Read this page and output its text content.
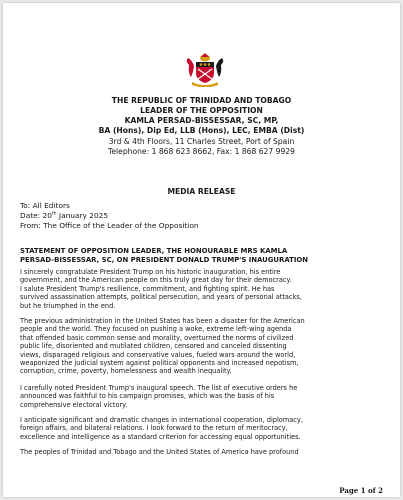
THE REPUBLIC OF TRINIDAD AND TOBAGO
LEADER OF THE OPPOSITION
KAMLA PERSAD-BISSESSAR, SC, MP,
BA (Hons), Dip Ed, LLB (Hons), LEC, EMBA (Dist)
3rd & 4th Floors, 11 Charles Street, Port of Spain
Telephone: 1 868 623 8662, Fax: 1 868 627 9929
MEDIA RELEASE
To: All Editors
Date: 20th January 2025
From: The Office of the Leader of the Opposition
STATEMENT OF OPPOSITION LEADER, THE HONOURABLE MRS KAMLA
PERSAD-BISSESSAR, SC, ON PRESIDENT DONALD TRUMP'S INAUGURATION
I sincerely congratulate President Trump on his historic inauguration, his entire
government, and the American people on this truly great day for their democracy.
I salute President Trump's resilience, commitment, and fighting spirit. He has
survived assassination attempts, political persecution, and years of personal attacks,
but he triumphed in the end.
The previous administration in the United States has been a disaster for the American
people and the world. They focused on pushing a woke, extreme left-wing agenda
that offended basic common sense and morality, overturned the norms of civilized
public life, disoriented and mutilated children, censored and canceled dissenting
views, disparaged religious and conservative values, fueled wars around the world,
weaponized the judicial system against political opponents and increased nepotism,
corruption, crime, poverty, homelessness and wealth inequality.
I carefully noted President Trump's inaugural speech. The list of executive orders he
announced was faithful to his campaign promises, which was the basis of his
comprehensive electoral victory.
I anticipate significant and dramatic changes in international cooperation, diplomacy,
foreign affairs, and bilateral relations. I look forward to the return of meritocracy,
excellence and intelligence as a standard criterion for accessing equal opportunities.
The peoples of Trinidad and Tobago and the United States of America have profound
Page 1 of 2
